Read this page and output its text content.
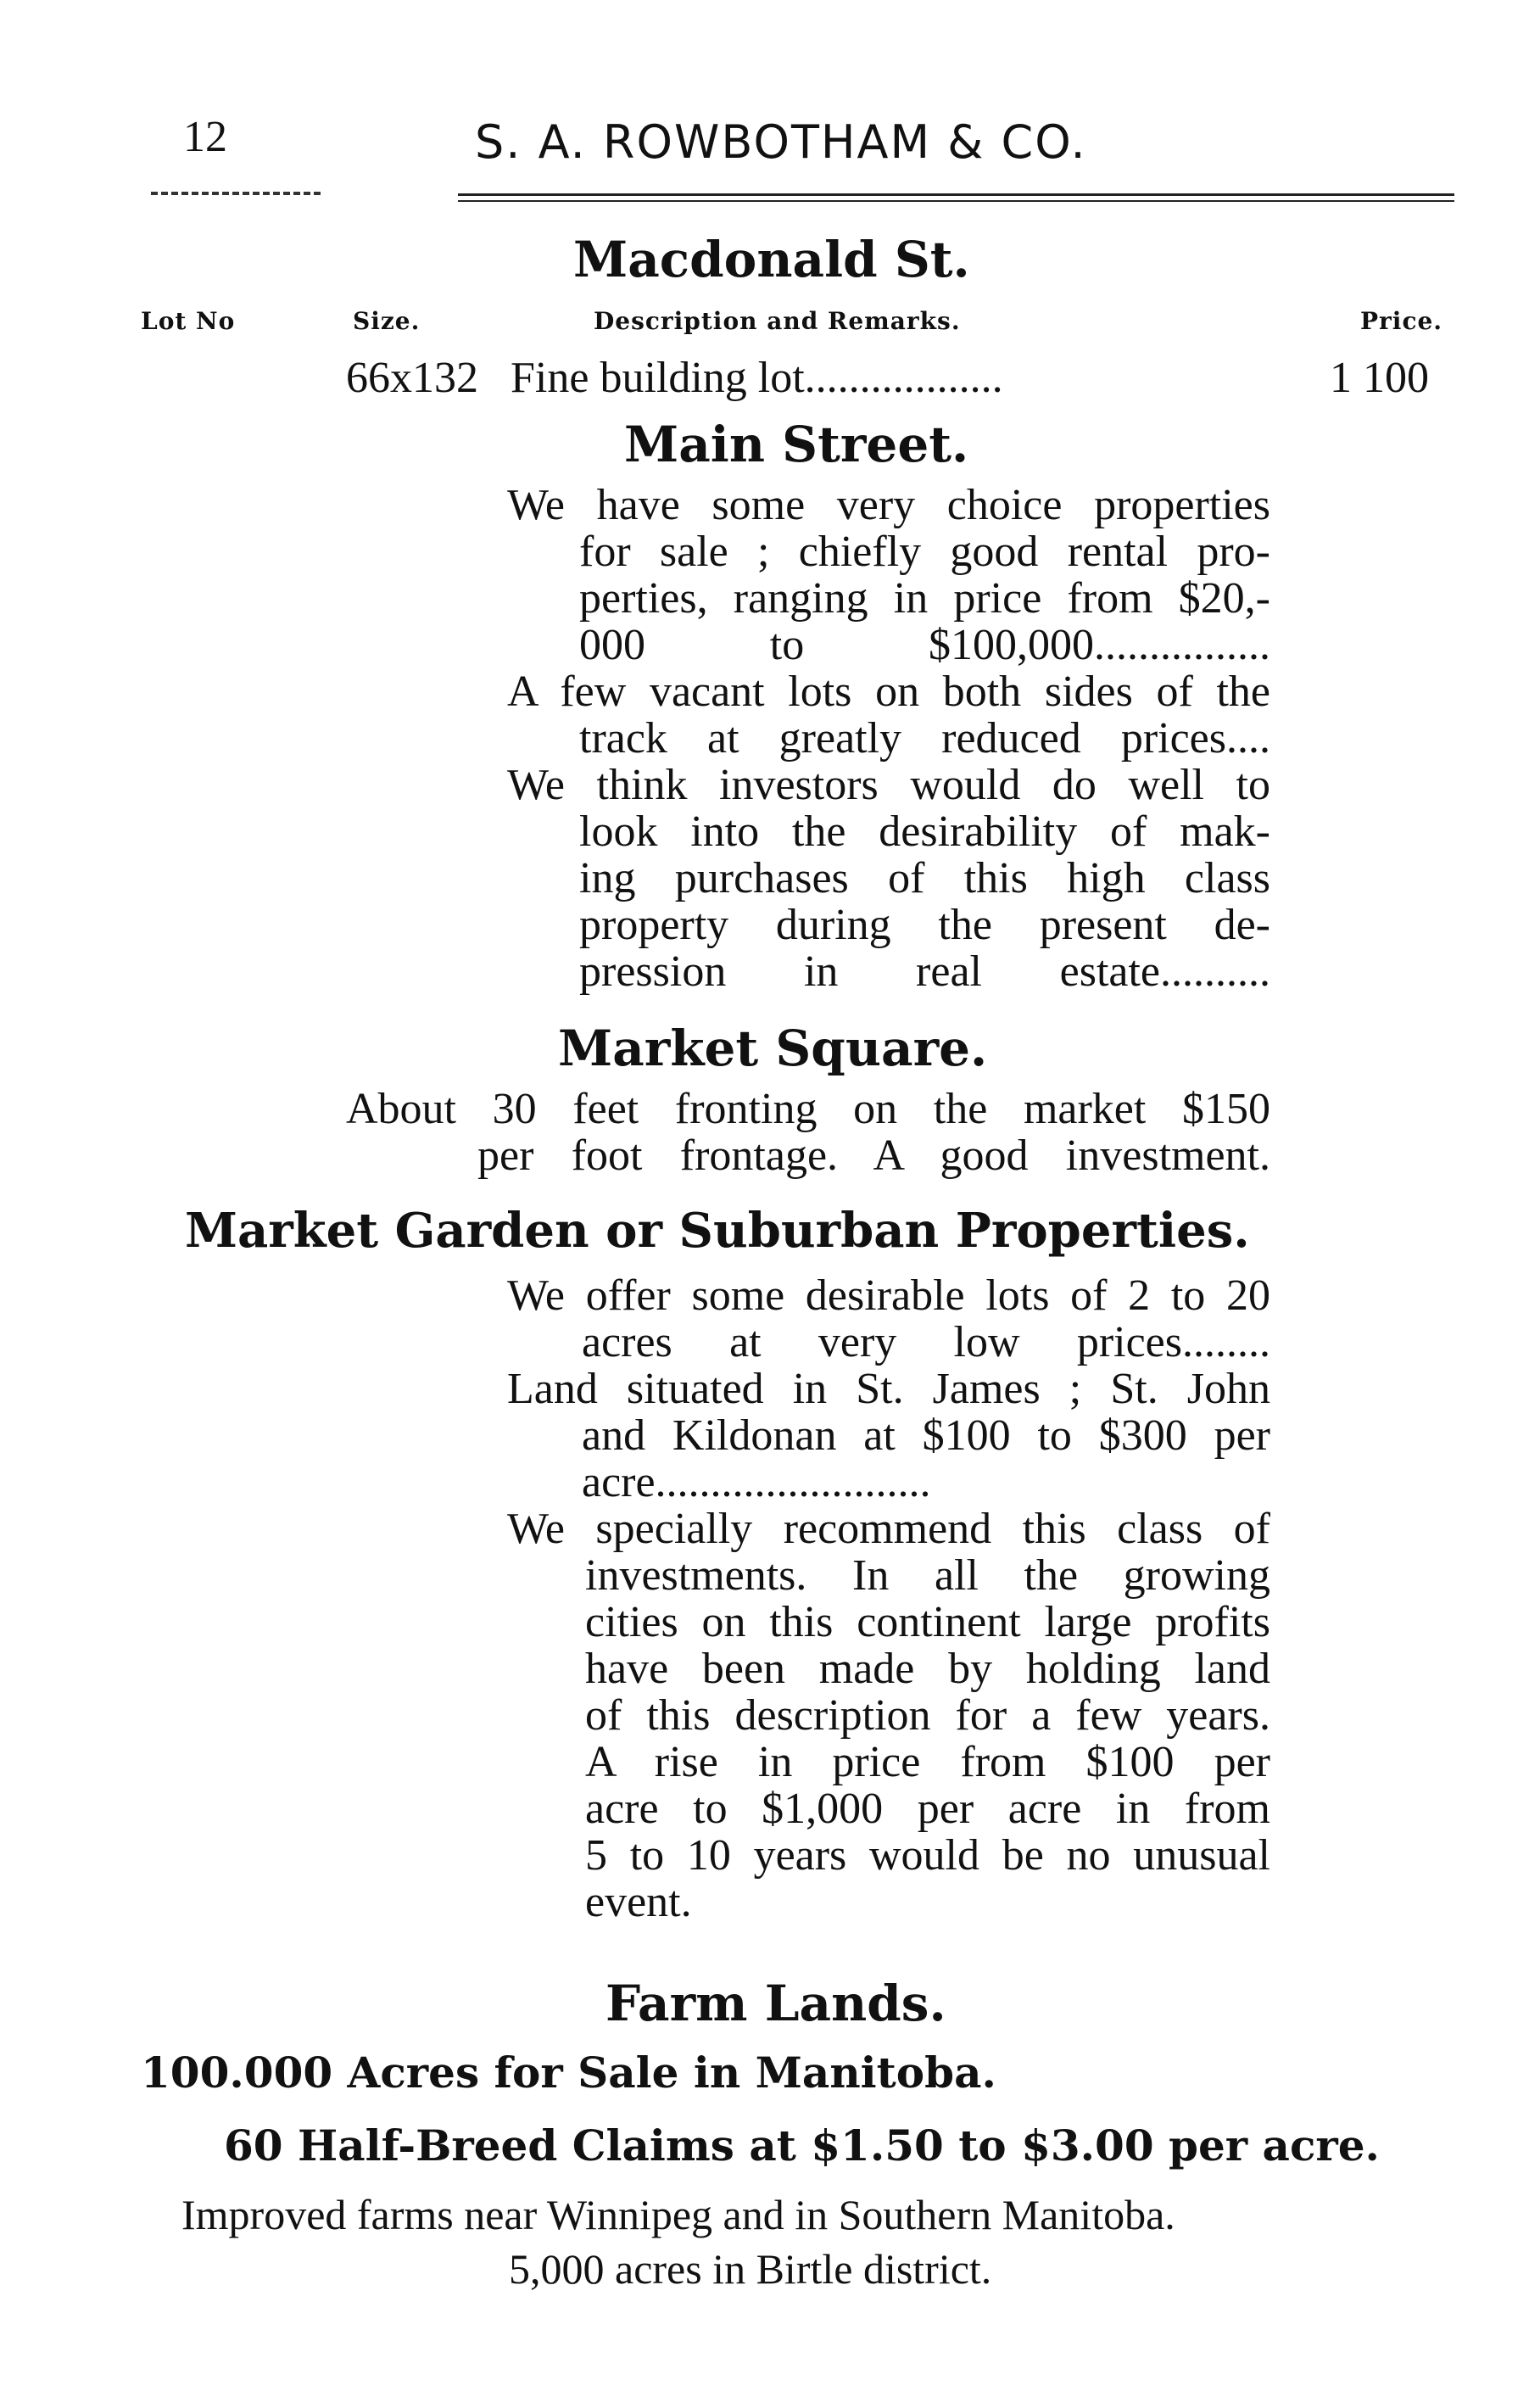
12	S. A. ROWBOTHAM & CO.
Macdonald St.
Lot No	Size.	Description and Remarks.	Price.
66x132 Fine building lot..................	1 100
Main Street.
We have some very choice properties
for sale ; chiefly good rental pro-
perties, ranging in price from $20,-
000 to $100,000................
A few vacant lots on both sides of the
track at greatly reduced prices....
We think investors would do well to
look into the desirability of mak-
ing purchases of this high class
property during the present de-
pression in real estate..........
Market Square.
About 30 feet fronting on the market $150
per foot frontage. A good investment.
Market Garden or Suburban Properties.
We offer some desirable lots of 2 to 20
acres at very low prices........
Land situated in St. James ; St. John
and Kildonan at $100 to $300 per
acre.........................
We specially recommend this class of
investments. In all the growing
cities on this continent large profits
have been made by holding land
of this description for a few years.
A rise in price from $100 per
acre to $1,000 per acre in from
5 to 10 years would be no unusual
event.
Farm Lands.
100.000 Acres for Sale in Manitoba.
60 Half-Breed Claims at $1.50 to $3.00 per acre.
Improved farms near Winnipeg and in Southern Manitoba.
5,000 acres in Birtle district.
